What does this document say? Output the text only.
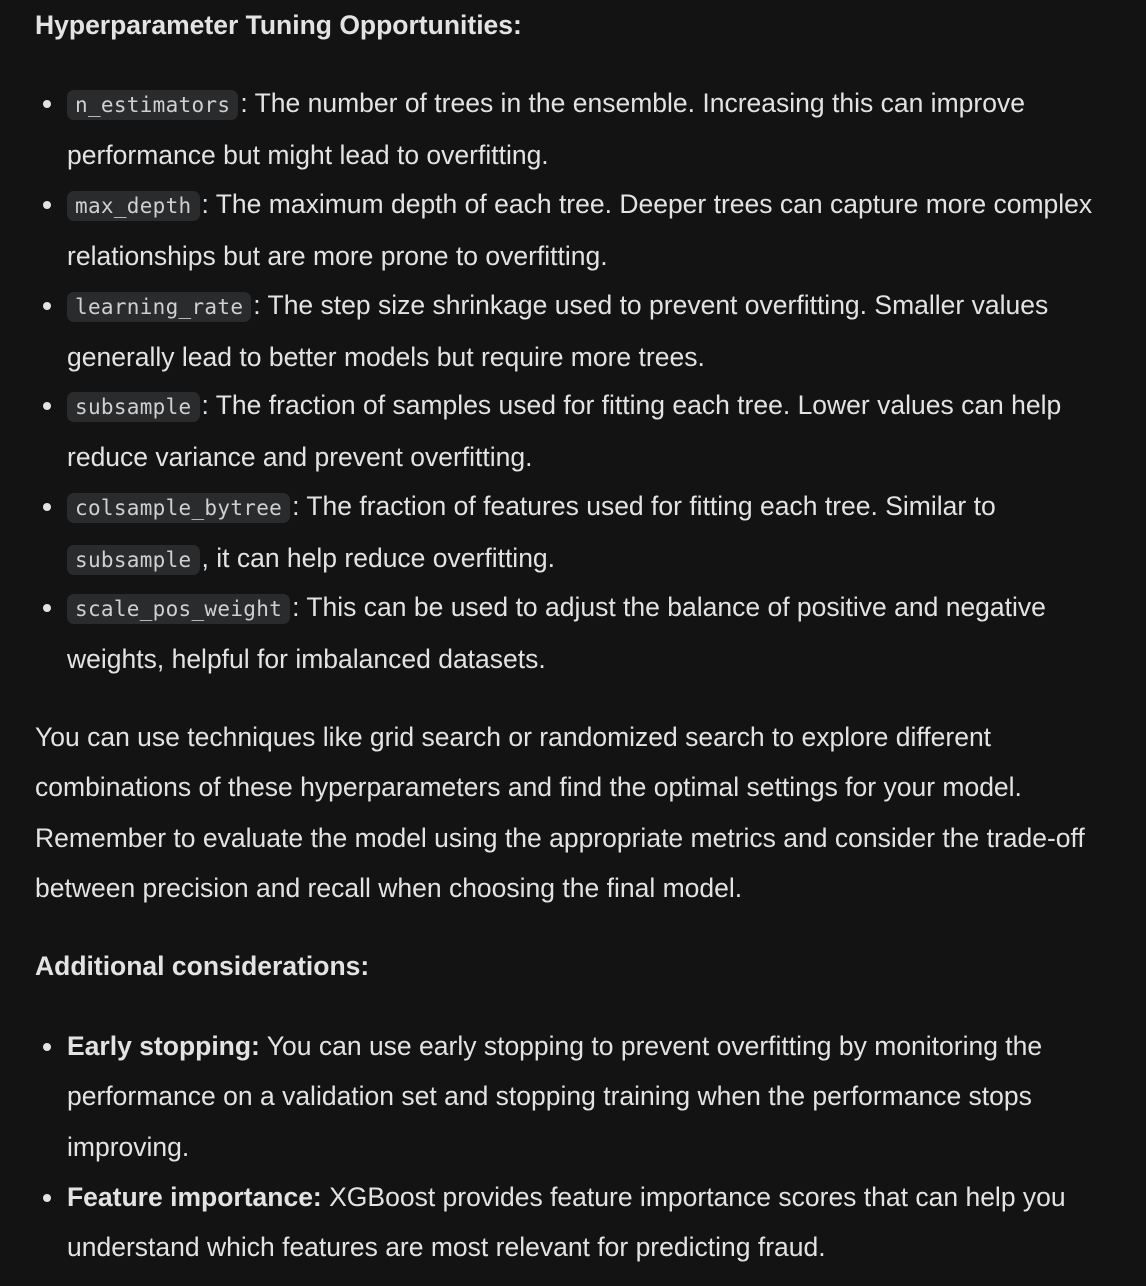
Hyperparameter Tuning Opportunities:
n_estimators : The number of trees in the ensemble. Increasing this can improve performance but might lead to overfitting.
max_depth : The maximum depth of each tree. Deeper trees can capture more complex relationships but are more prone to overfitting.
learning_rate : The step size shrinkage used to prevent overfitting. Smaller values generally lead to better models but require more trees.
subsample : The fraction of samples used for fitting each tree. Lower values can help reduce variance and prevent overfitting.
colsample_bytree : The fraction of features used for fitting each tree. Similar to subsample , it can help reduce overfitting.
scale_pos_weight : This can be used to adjust the balance of positive and negative weights, helpful for imbalanced datasets.
You can use techniques like grid search or randomized search to explore different combinations of these hyperparameters and find the optimal settings for your model. Remember to evaluate the model using the appropriate metrics and consider the trade-off between precision and recall when choosing the final model.
Additional considerations:
Early stopping: You can use early stopping to prevent overfitting by monitoring the performance on a validation set and stopping training when the performance stops improving.
Feature importance: XGBoost provides feature importance scores that can help you understand which features are most relevant for predicting fraud.
